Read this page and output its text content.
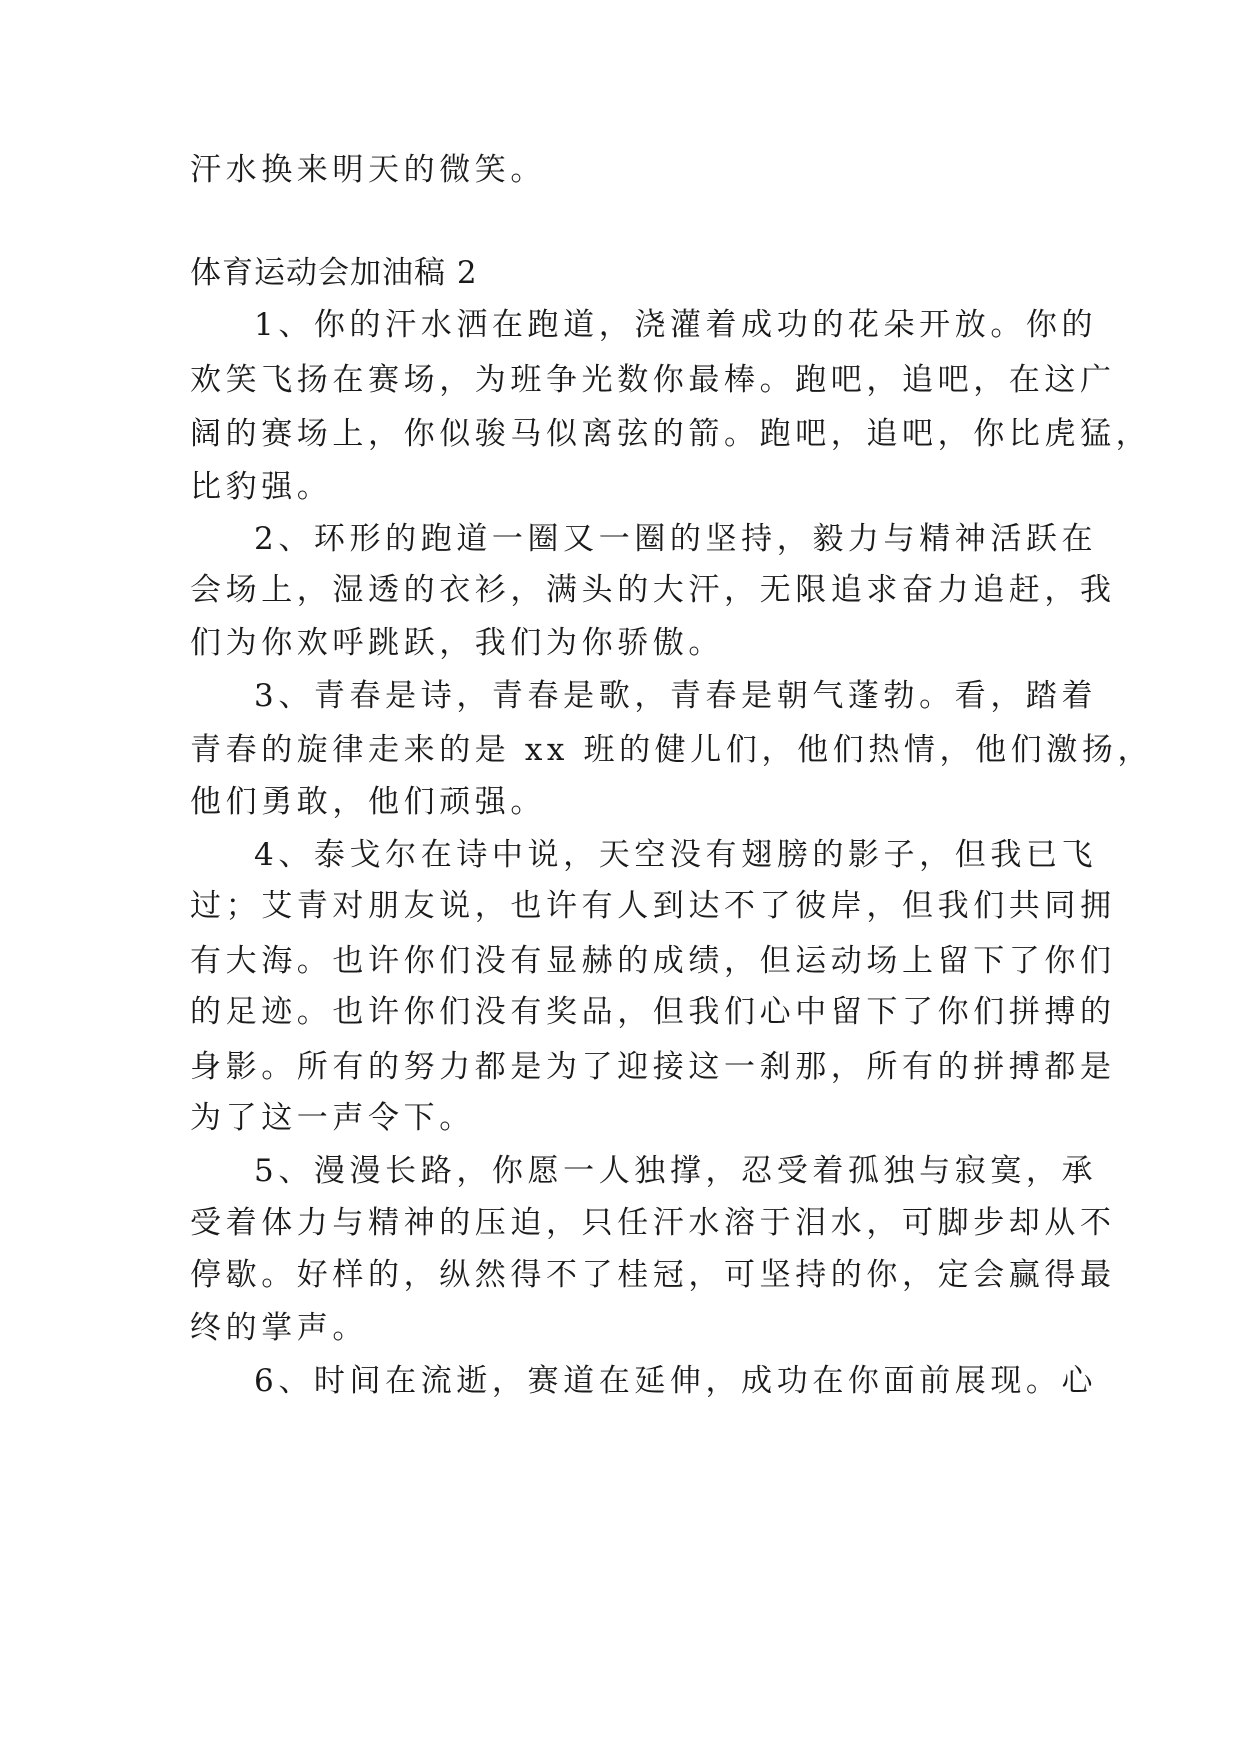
汗水换来明天的微笑。
体育运动会加油稿 2
1、你的汗水洒在跑道，浇灌着成功的花朵开放。你的
欢笑飞扬在赛场，为班争光数你最棒。跑吧，追吧，在这广
阔的赛场上，你似骏马似离弦的箭。跑吧，追吧，你比虎猛，
比豹强。
2、环形的跑道一圈又一圈的坚持，毅力与精神活跃在
会场上，湿透的衣衫，满头的大汗，无限追求奋力追赶，我
们为你欢呼跳跃，我们为你骄傲。
3、青春是诗，青春是歌，青春是朝气蓬勃。看，踏着
青春的旋律走来的是 xx 班的健儿们，他们热情，他们激扬，
他们勇敢，他们顽强。
4、泰戈尔在诗中说，天空没有翅膀的影子，但我已飞
过；艾青对朋友说，也许有人到达不了彼岸，但我们共同拥
有大海。也许你们没有显赫的成绩，但运动场上留下了你们
的足迹。也许你们没有奖品，但我们心中留下了你们拼搏的
身影。所有的努力都是为了迎接这一刹那，所有的拼搏都是
为了这一声令下。
5、漫漫长路，你愿一人独撑，忍受着孤独与寂寞，承
受着体力与精神的压迫，只任汗水溶于泪水，可脚步却从不
停歇。好样的，纵然得不了桂冠，可坚持的你，定会赢得最
终的掌声。
6、时间在流逝，赛道在延伸，成功在你面前展现。心
